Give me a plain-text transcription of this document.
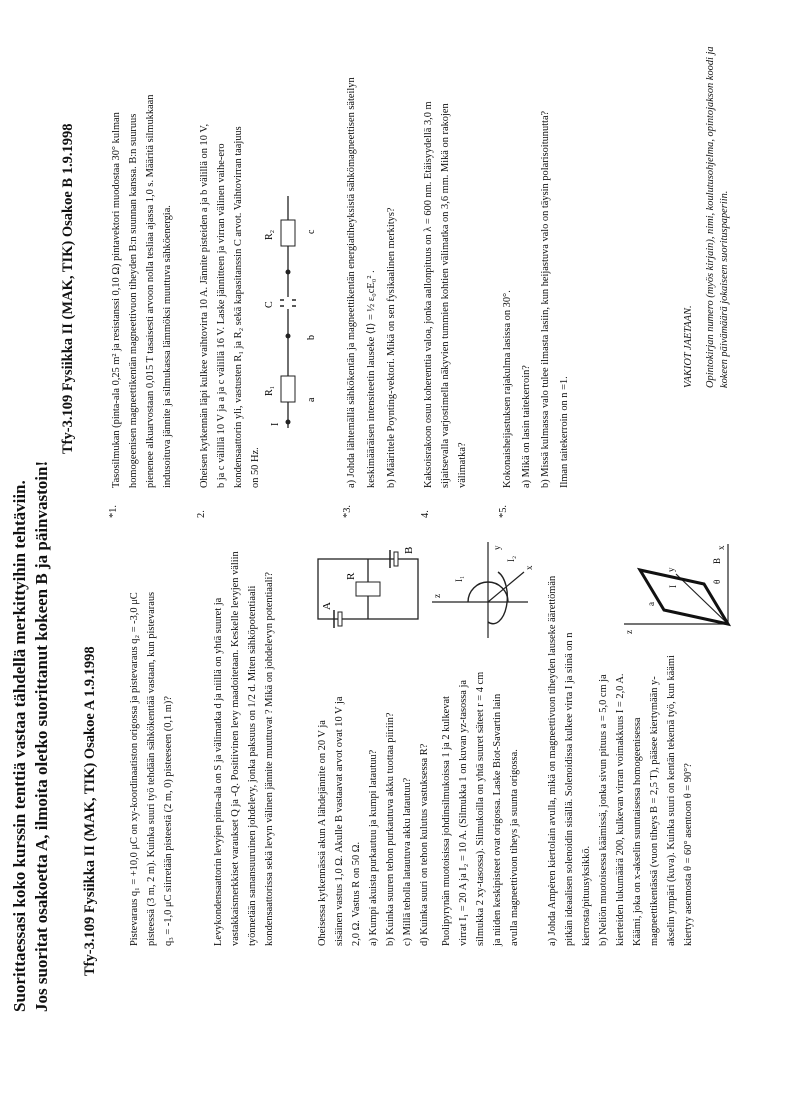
Suorittaessasi koko kurssin tenttiä vastaa tähdellä merkittyihin tehtäviin. Jos suoritat osakoetta A, ilmoita oletko suorittanut kokeen B ja päinvastoin! Tfy-3.109 Fysiikka II (MAK, TIK) Osakoe A 1.9.1998	Pistevaraus q₁ = +10,0 μC on xy-koordinaatiston origossa ja pistevaraus q₂ = -3,0 μC pisteessä (3 m, 2 m). Kuinka suuri työ tehdään sähkökenttää vastaan, kun pistevaraus q₃ = -1,0 μC siirretään pisteestä (2 m, 0) pisteeseen (0,1 m)?	Levykondensaattorin levyjen pinta-ala on S ja välimatka d ja niillä on yhtä suuret ja vastakkaismerkkiset varaukset Q ja -Q. Positiivinen levy maadoitetaan. Keskelle levyjen väliin työnnetään samansuuruinen johdelevy, jonka paksuus on 1/2 d. Miten sähköpotentiaali kondensaattorissa sekä levyn välinen jännite muuttuvat ? Mikä on johdelevyn potentiaali?	Oheisessa kytkennässä akun A lähdejännite on 20 V ja sisäinen vastus 1,0 Ω. Akulle B vastaavat arvot ovat 10 V ja 2,0 Ω. Vastus R on 50 Ω. a) Kumpi akuista purkautuu ja kumpi latautuu? b) Kuinka suuren tehon purkautuva akku tuottaa piiriin? c) Millä teholla latautuva akku latautuu? d) Kuinka suuri on tehon kulutus vastuksessa R?
A
R
B
Puolipyrynän muotoisissa johdinsilmukoissa 1 ja 2 kulkevat virrat I₁ = 20 A ja I₂ = 10 A. (Silmukka 1 on kuvan yz-tasossa ja silmukka 2 xy-tasossa). Silmukoilla on yhtä suuret säteet r = 4 cm ja niiden keskipisteet ovat origossa. Laske Biot-Savartin lain avulla magneettivuon tiheys ja suunta origossa.
z
y
x
I₁
I₂
a) Johda Ampèren kiertolain avulla, mikä on magneettivuon tiheyden lauseke äärettömän pitkän ideaalisen solenoidin sisällä. Solenoidissa kulkee virta I ja siinä on n kierrosta/pituusyksikkö. b) Neliön muotoisessa käämissä, jonka sivun pituus a = 5,0 cm ja kierteiden lukumäärä 200, kulkevan virran voimakkuus I = 2,0 A. Käämi, joka on x-akselin suuntaisessa homogeenisessa magneettikentässä (vuon tiheys B = 2,5 T), pääsee kiertymään y- akselin ympäri (kuva). Kuinka suuri on kentän tekemä työ, kun käämi kiertyy asennosta θ = 60° asentoon θ = 90°?
z
y
x
a
I
θ
B
Tfy-3.109 Fysiikka II (MAK, TIK) Osakoe B 1.9.1998
*1.
Tasosilmukan (pinta-ala 0,25 m² ja resistanssi 0,10 Ω) pintavektori muodostaa 30° kulman homogeenisen magneettikentän magneettivuon tiheyden B:n suunnan kanssa. B:n suuruus pienenee alkuarvostaan 0,015 T tasaisesti arvoon nolla tesliaa ajassa 1,0 s. Määritä silmukkaan indusoituva jännite ja silmukassa lämmöksi muuttuva sähköenergia.
2.
Oheisen kytkennän läpi kulkee vaihtovirta 10 A. Jännite pisteiden a ja b välillä on 10 V, b ja c välillä 10 V ja a ja c välillä 16 V. Laske jännitteen ja virran välinen vaihe-ero kondensaattorin yli, vastusten R₁ ja R₂ sekä kapasitanssin C arvot. Vaihtovirran taajuus on 50 Hz.
I
R₁
C
R₂
a
b
c
*3.
a) Johda lähtemällä sähkökentän ja magneettikentän energiatiheyksistä sähkömagneettisen säteilyn keskimääräisen intensiteetin lauseke ⟨I⟩ = ½ ε₀cE₀² . b) Määrittele Poynting-vektori. Mikä on sen fysikaalinen merkitys?
4.
Kaksoisrakoon osuu koherenttia valoa, jonka aallonpituus on λ = 600 nm. Etäisyydellä 3,0 m sijaitsevalla varjostimella näkyvien tummien kohtien välimatka on 3,6 mm. Mikä on rakojen välimatka?
*5.
Kokonaisheijastuksen rajakulma lasissa on 30°. a) Mikä on lasin taitekerroin? b) Missä kulmassa valo tulee ilmasta lasiin, kun heijastuva valo on täysin polarisoitunutta? Ilman taitekerroin on n =1.
VAKIOT JAETAAN. Opintokirjan numero (myös kirjain), nimi, koulutusohjelma, opintojakson koodi ja kokeen päivämäärä jokaiseen suorituspaperiin.
